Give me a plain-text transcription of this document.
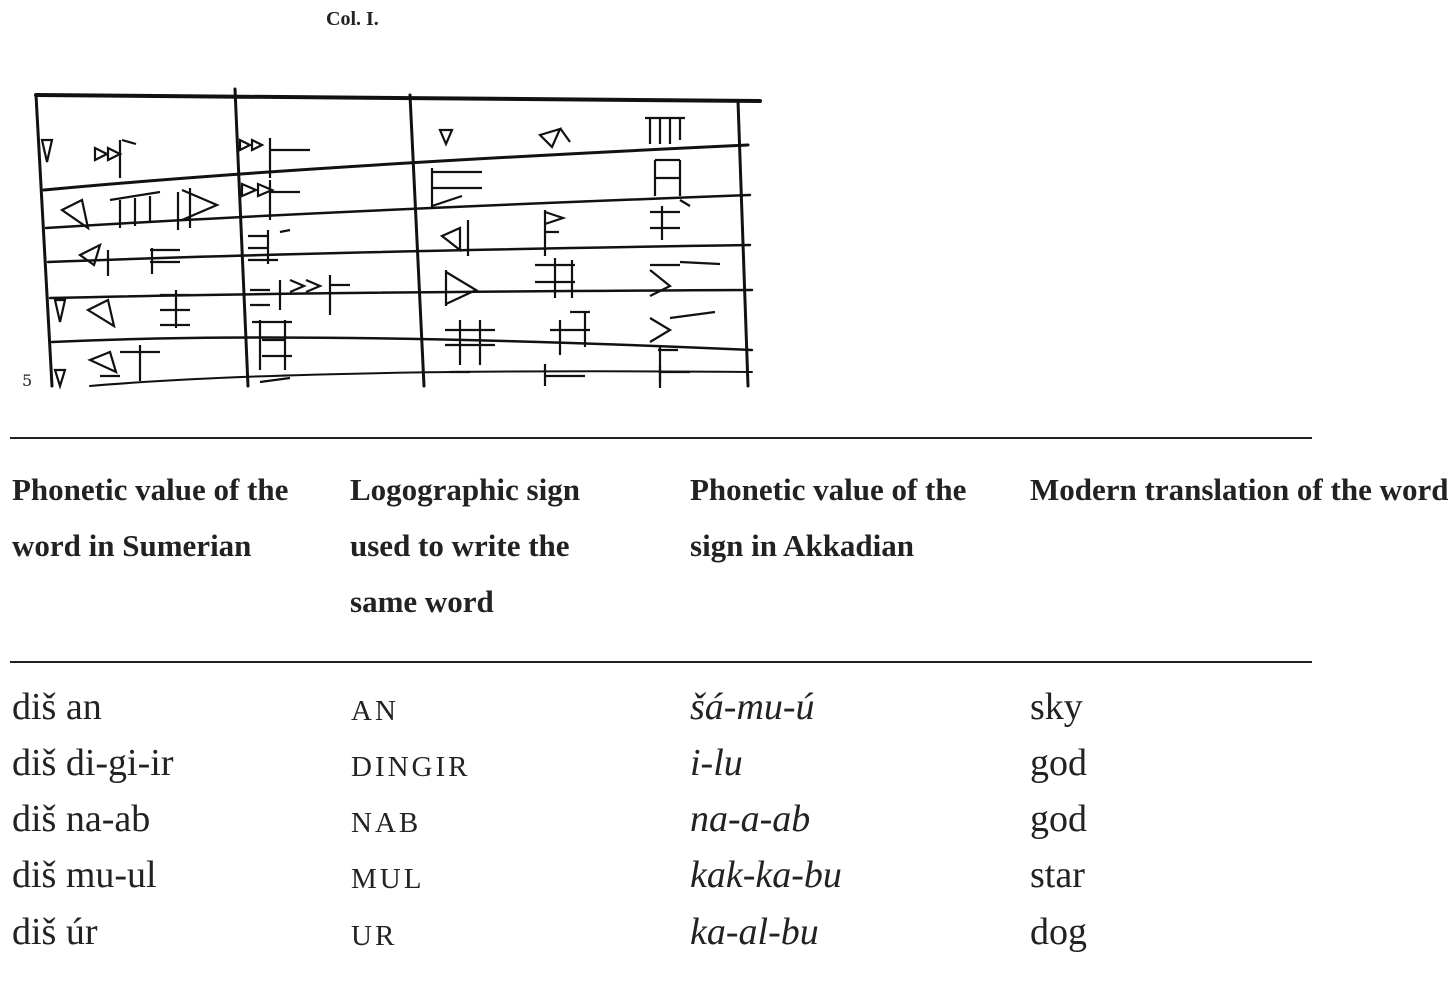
Col. I.
5
Phonetic value of the word in Sumerian
Logographic sign used to write the same word
Phonetic value of the sign in Akkadian
Modern translation of the word
diš an	AN	šá-mu-ú	sky
diš di-gi-ir	DINGIR	i-lu	god
diš na-ab	NAB	na-a-ab	god
diš mu-ul	MUL	kak-ka-bu	star
diš úr	UR	ka-al-bu	dog
